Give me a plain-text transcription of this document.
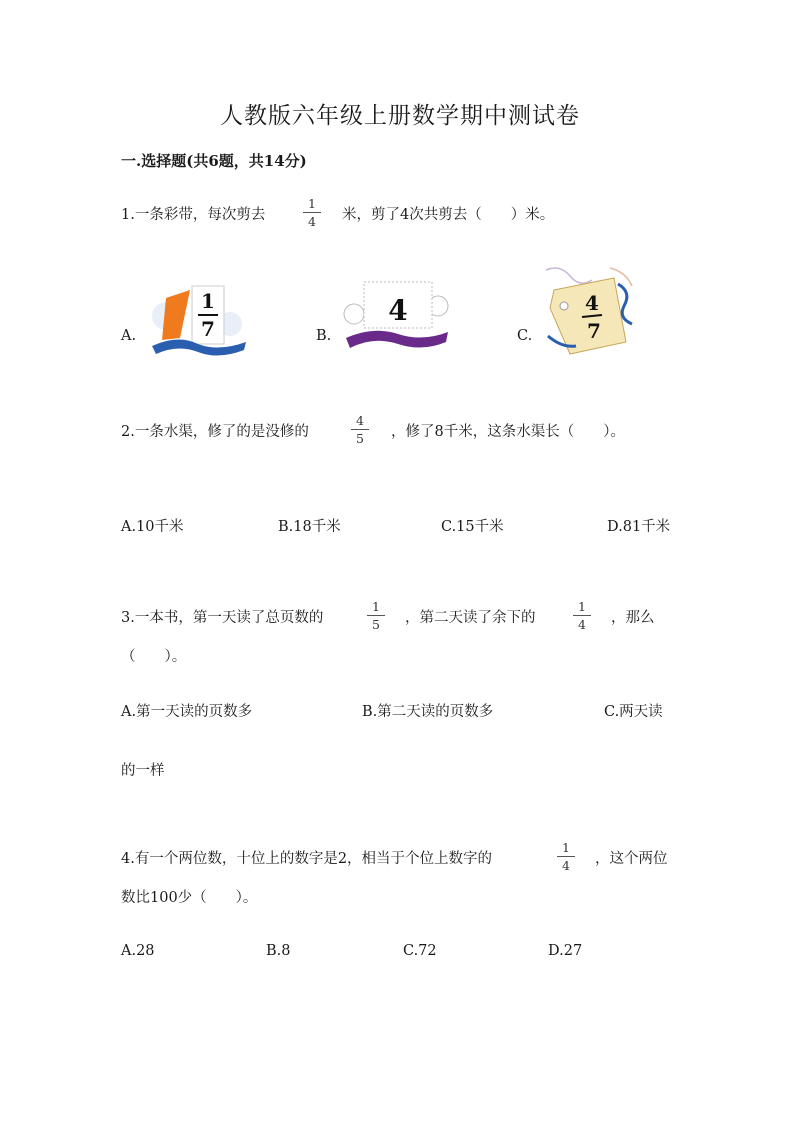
人教版六年级上册数学期中测试卷
一.选择题(共6题，共14分)
1.一条彩带，每次剪去
1
4	米，剪了4次共剪去（　　）米。
A.
1
7	B.
4
C.
4
7
2.一条水渠，修了的是没修的
4
5	，修了8千米，这条水渠长（　　）。
A.10千米	B.18千米	C.15千米	D.81千米
3.一本书，第一天读了总页数的
1
5	，第二天读了余下的
1
4	，那么
（　　）。
A.第一天读的页数多	B.第二天读的页数多	C.两天读
的一样
4.有一个两位数，十位上的数字是2，相当于个位上数字的
1
4	，这个两位
数比100少（　　）。
A.28	B.8	C.72	D.27
